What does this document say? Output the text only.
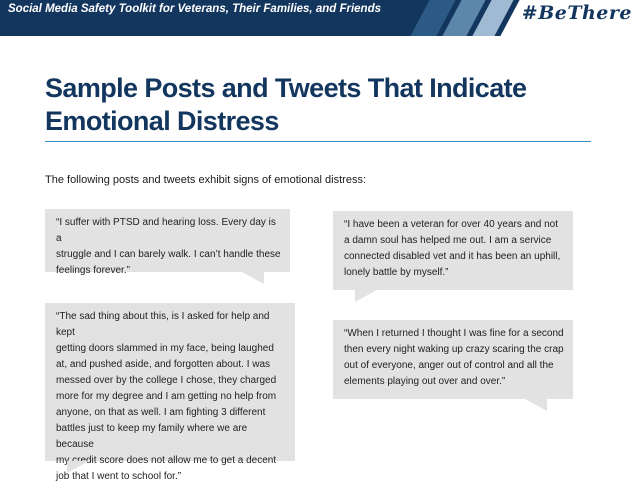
Social Media Safety Toolkit for Veterans, Their Families, and Friends	#BeThere
Sample Posts and Tweets That Indicate
Emotional Distress
The following posts and tweets exhibit signs of emotional distress:
“I suffer with PTSD and hearing loss. Every day is a
struggle and I can barely walk. I can’t handle these
feelings forever.”
“I have been a veteran for over 40 years and not
a damn soul has helped me out. I am a service
connected disabled vet and it has been an uphill,
lonely battle by myself.”
“The sad thing about this, is I asked for help and kept
getting doors slammed in my face, being laughed
at, and pushed aside, and forgotten about. I was
messed over by the college I chose, they charged
more for my degree and I am getting no help from
anyone, on that as well. I am fighting 3 different
battles just to keep my family where we are because
my credit score does not allow me to get a decent
job that I went to school for.”
“When I returned I thought I was fine for a second
then every night waking up crazy scaring the crap
out of everyone, anger out of control and all the
elements playing out over and over.”
